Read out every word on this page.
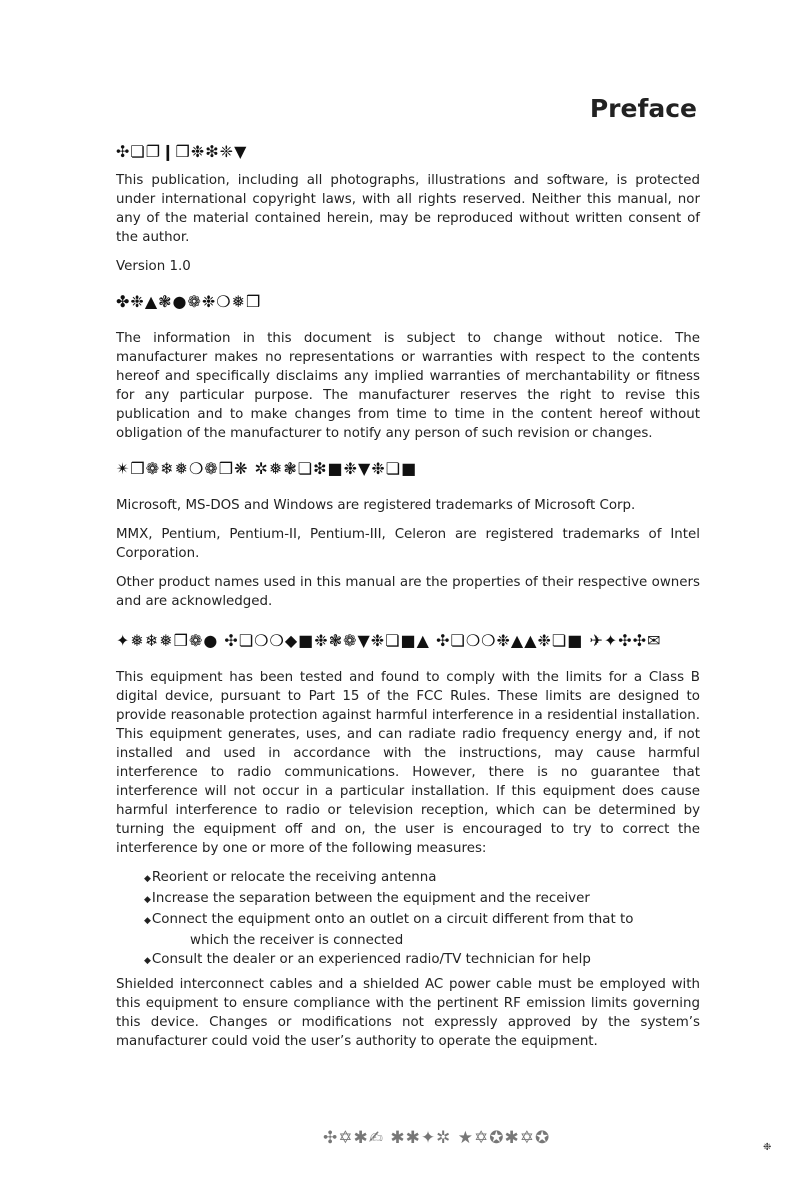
Preface
✣❏❐❙❒❉❇❈▼

This publication, including all photographs, illustrations and software, is protected under international copyright laws, with all rights reserved. Neither this manual, nor any of the material contained herein, may be reproduced without written consent of the author.

Version 1.0

✤❉▲❃●❁❉❍❅❒

The information in this document is subject to change without notice. The manufacturer makes no representations or warranties with respect to the contents hereof and specifically disclaims any implied warranties of merchantability or fitness for any particular purpose. The manufacturer reserves the right to revise this publication and to make changes from time to time in the content hereof without obligation of the manufacturer to notify any person of such revision or changes.

✴❒❁❄❅❍❁❒❋ ✲❅❃❏❇■❉▼❉❏■

Microsoft, MS-DOS and Windows are registered trademarks of Microsoft Corp.

MMX, Pentium, Pentium-II, Pentium-III, Celeron are registered trademarks of Intel Corporation.

Other product names used in this manual are the properties of their respective owners and are acknowledged.

✦❅❄❅❒❁● ✣❏❍❍◆■❉❃❁▼❉❏■▲ ✣❏❍❍❉▲▲❉❏■ ✈✦✣✣✉

This equipment has been tested and found to comply with the limits for a Class B digital device, pursuant to Part 15 of the FCC Rules. These limits are designed to provide reasonable protection against harmful interference in a residential installation. This equipment generates, uses, and can radiate radio frequency energy and, if not installed and used in accordance with the instructions, may cause harmful interference to radio communications. However, there is no guarantee that interference will not occur in a particular installation. If this equipment does cause harmful interference to radio or television reception, which can be determined by turning the equipment off and on, the user is encouraged to try to correct the interference by one or more of the following measures:

◆Reorient or relocate the receiving antenna
◆Increase the separation between the equipment and the receiver
◆Connect the equipment onto an outlet on a circuit different from that to
which the receiver is connected
◆Consult the dealer or an experienced radio/TV technician for help

Shielded interconnect cables and a shielded AC power cable must be employed with this equipment to ensure compliance with the pertinent RF emission limits governing this device. Changes or modifications not expressly approved by the system’s manufacturer could void the user’s authority to operate the equipment.

✣✡✱✍ ✱✱✦✲ ★✡✪✱✡✪	❉
